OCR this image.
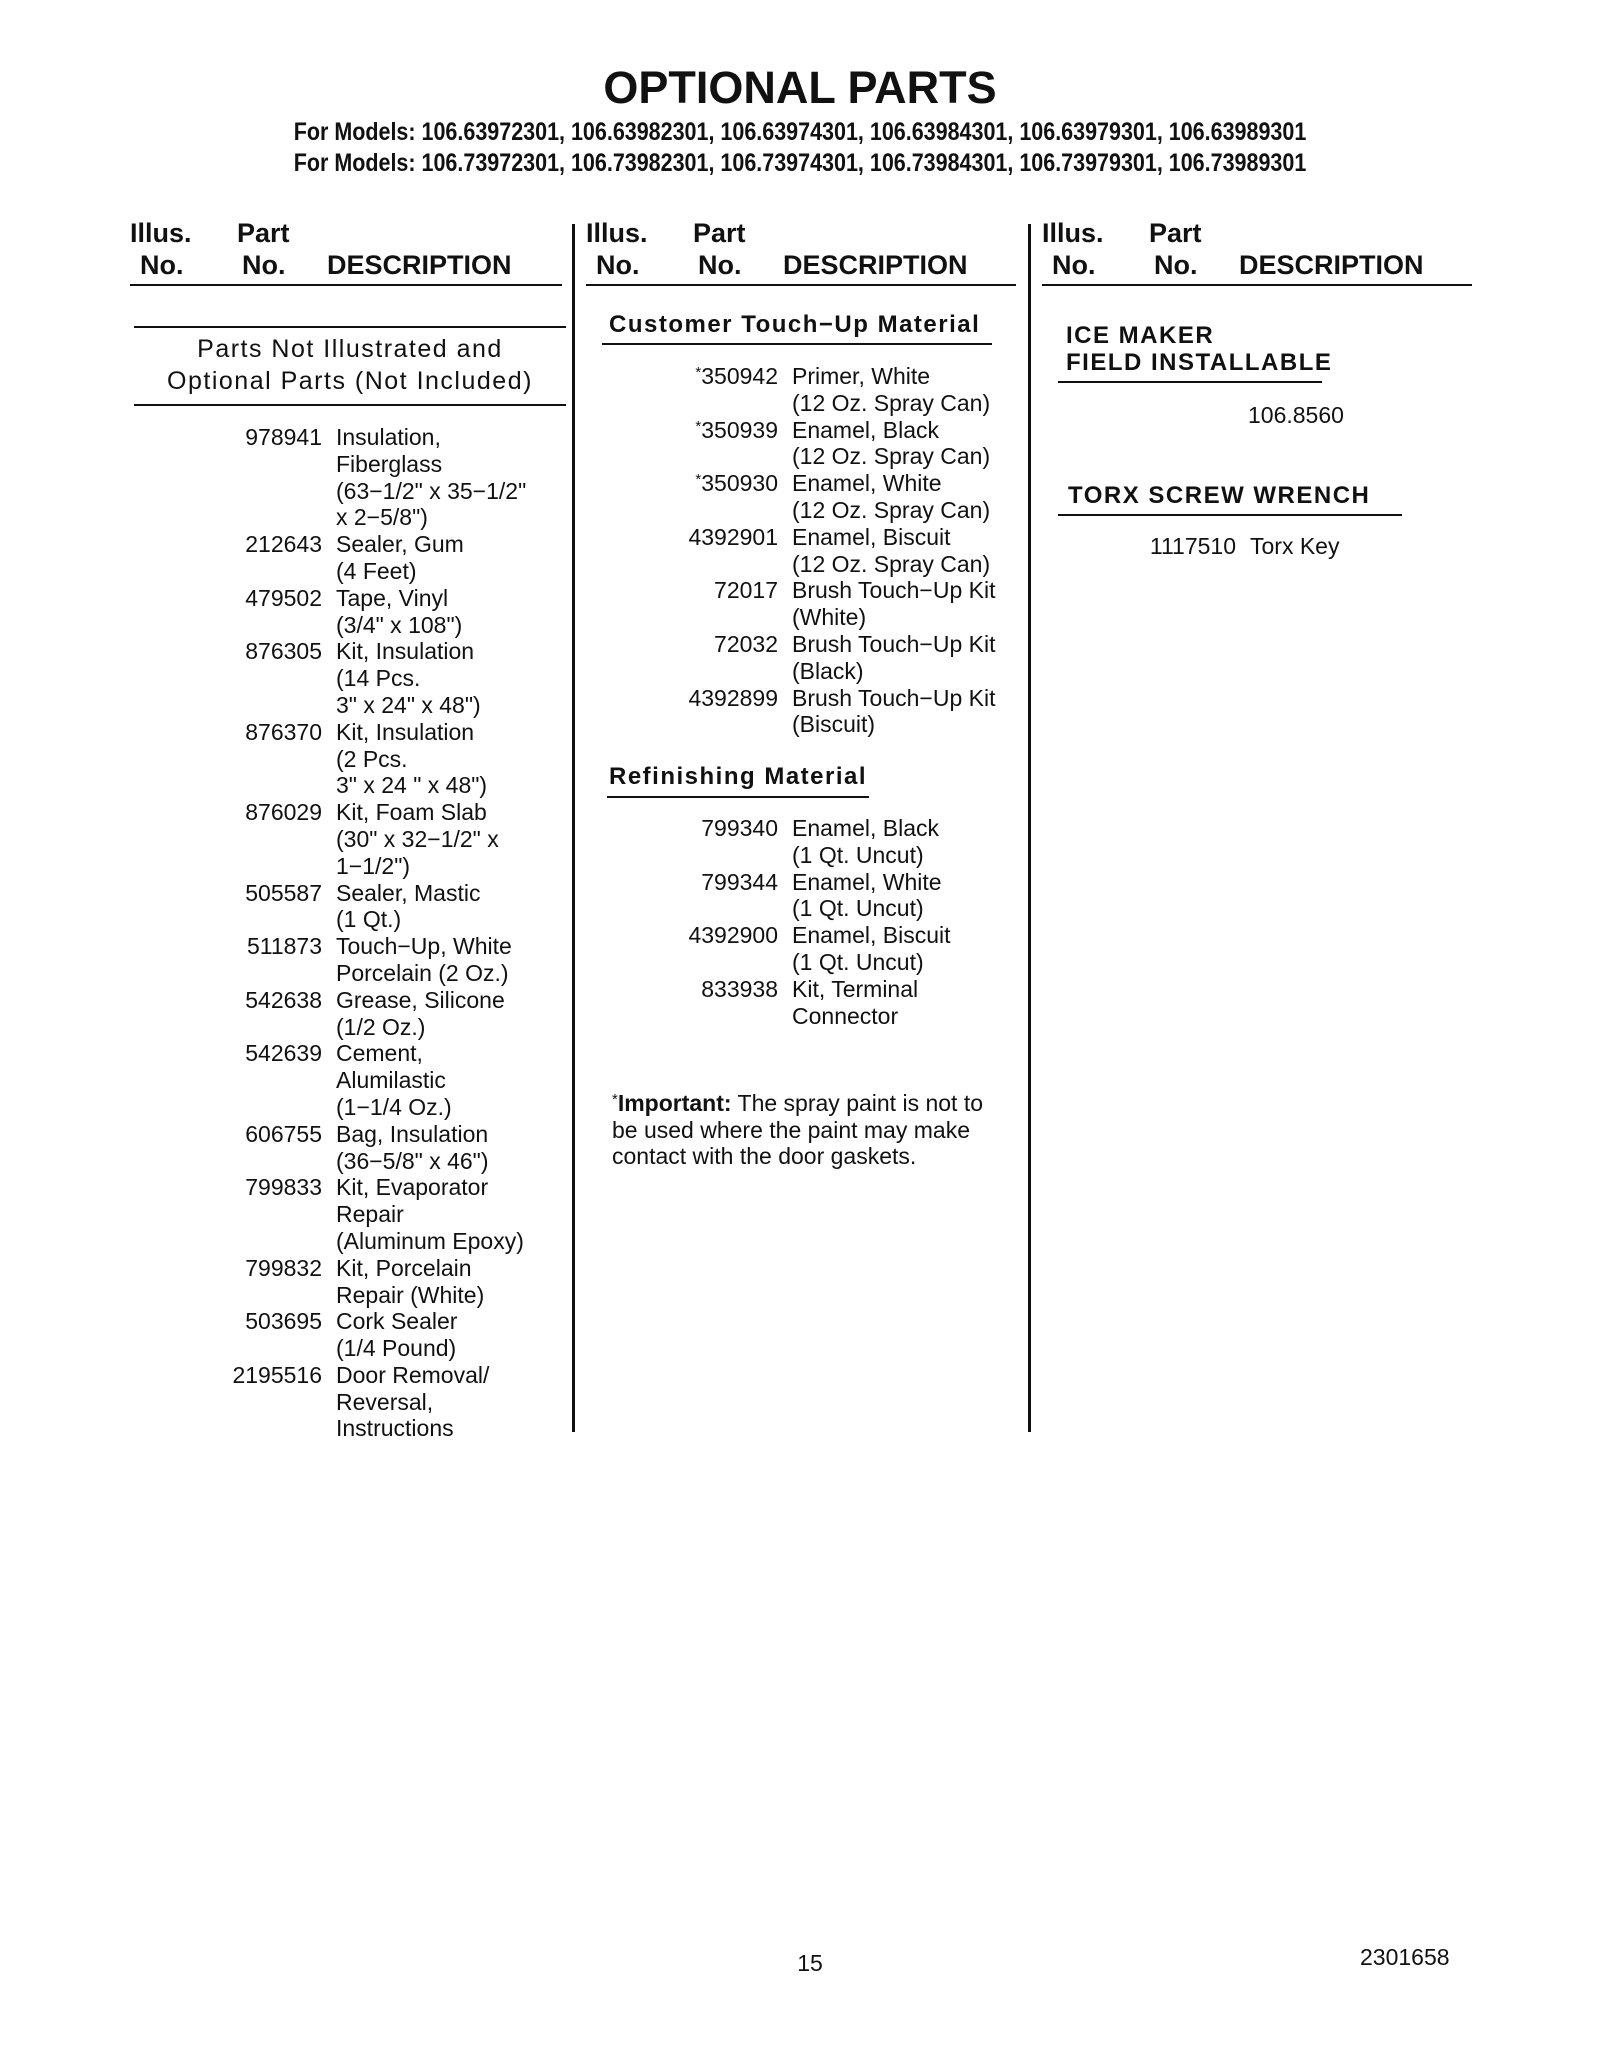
OPTIONAL PARTS
For Models: 106.63972301, 106.63982301, 106.63974301, 106.63984301, 106.63979301, 106.63989301
For Models: 106.73972301, 106.73982301, 106.73974301, 106.73984301, 106.73979301, 106.73989301
Illus. Part
No. No. DESCRIPTION
Illus. Part
No. No. DESCRIPTION
Illus. Part
No. No. DESCRIPTION
Parts Not Illustrated and
Optional Parts (Not Included)
978941 Insulation,
Fiberglass
(63−1/2" x 35−1/2"
x 2−5/8")
212643 Sealer, Gum
(4 Feet)
479502 Tape, Vinyl
(3/4" x 108")
876305 Kit, Insulation
(14 Pcs.
3" x 24" x 48")
876370 Kit, Insulation
(2 Pcs.
3" x 24 " x 48")
876029 Kit, Foam Slab
(30" x 32−1/2" x
1−1/2")
505587 Sealer, Mastic
(1 Qt.)
511873 Touch−Up, White
Porcelain (2 Oz.)
542638 Grease, Silicone
(1/2 Oz.)
542639 Cement,
Alumilastic
(1−1/4 Oz.)
606755 Bag, Insulation
(36−5/8" x 46")
799833 Kit, Evaporator
Repair
(Aluminum Epoxy)
799832 Kit, Porcelain
Repair (White)
503695 Cork Sealer
(1/4 Pound)
2195516 Door Removal/
Reversal,
Instructions
Customer Touch−Up Material
*350942 Primer, White
(12 Oz. Spray Can)
*350939 Enamel, Black
(12 Oz. Spray Can)
*350930 Enamel, White
(12 Oz. Spray Can)
4392901 Enamel, Biscuit
(12 Oz. Spray Can)
72017 Brush Touch−Up Kit
(White)
72032 Brush Touch−Up Kit
(Black)
4392899 Brush Touch−Up Kit
(Biscuit)
Refinishing Material
799340 Enamel, Black
(1 Qt. Uncut)
799344 Enamel, White
(1 Qt. Uncut)
4392900 Enamel, Biscuit
(1 Qt. Uncut)
833938 Kit, Terminal
Connector
*Important: The spray paint is not to be used where the paint may make contact with the door gaskets.
ICE MAKER
FIELD INSTALLABLE
106.8560
TORX SCREW WRENCH
1117510 Torx Key
15	2301658
